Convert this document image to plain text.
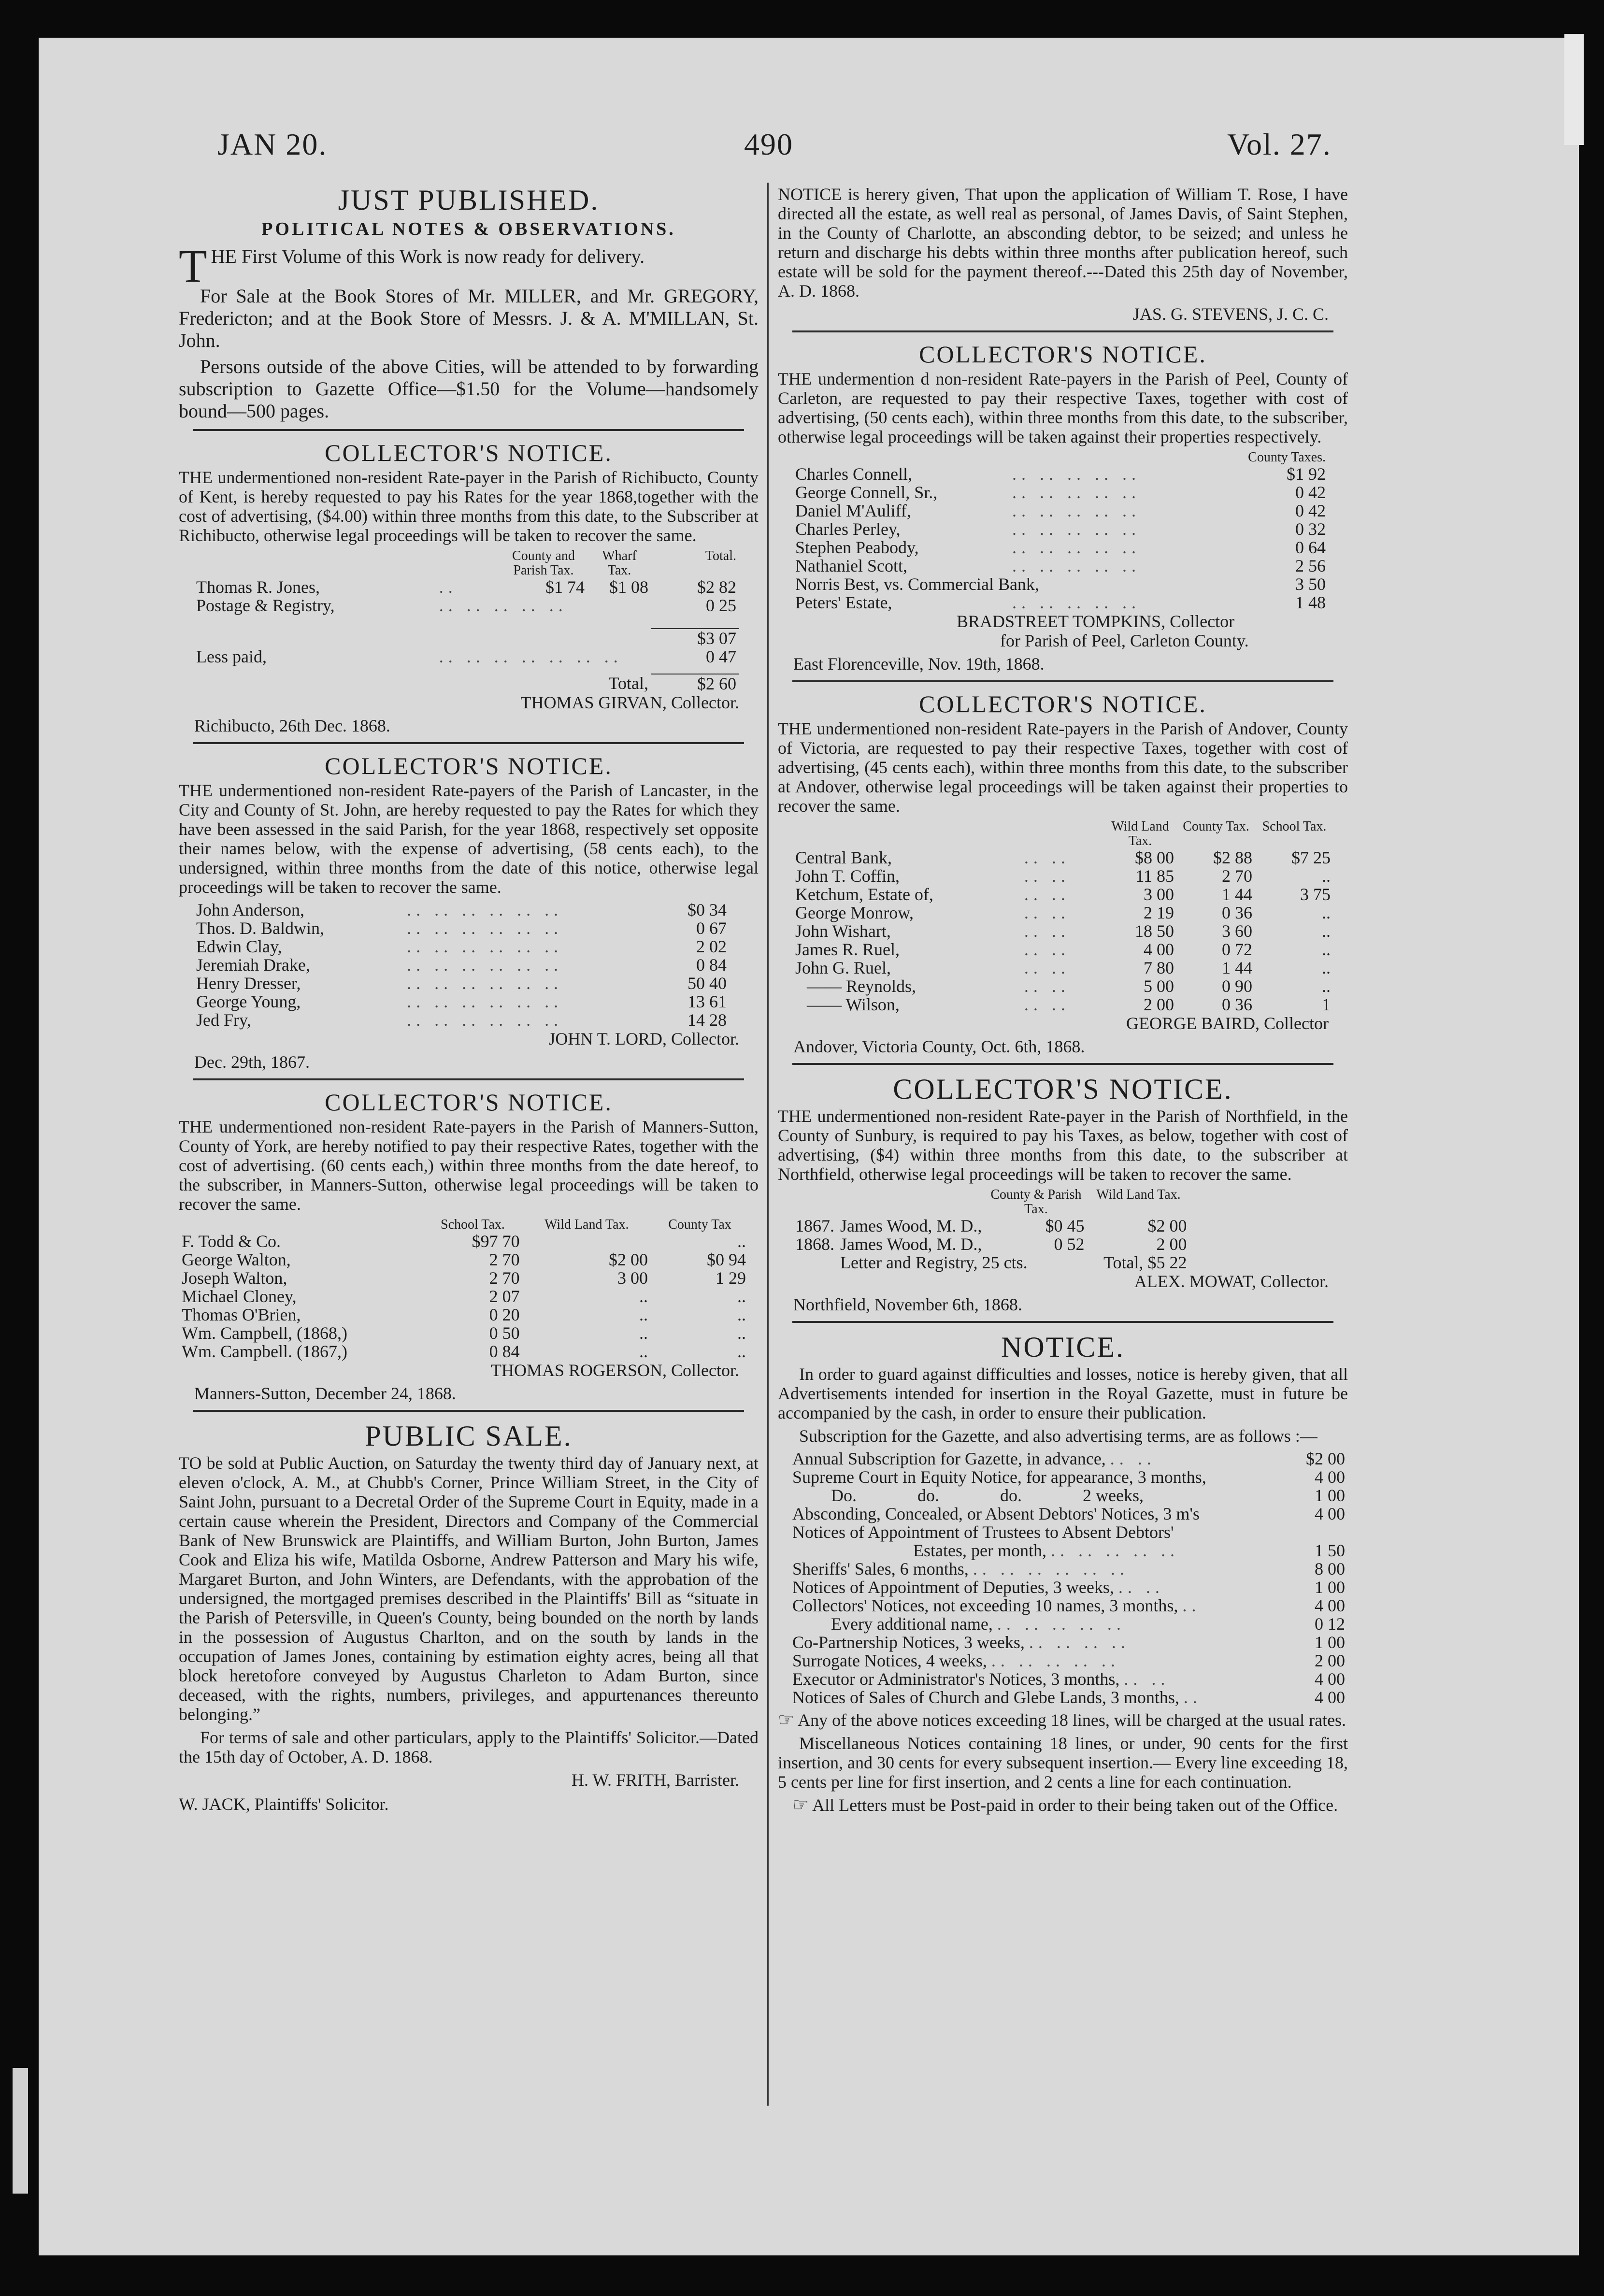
JAN 20.	490	Vol. 27.
JUST PUBLISHED.
POLITICAL NOTES & OBSERVATIONS.

T HE First Volume of this Work is now ready for delivery.

For Sale at the Book Stores of Mr. MILLER, and Mr. GREGORY, Fredericton; and at the Book Store of Messrs. J. & A. M'MILLAN, St. John.

Persons outside of the above Cities, will be attended to by forwarding subscription to Gazette Office—$1.50 for the Volume—handsomely bound—500 pages.

COLLECTOR'S NOTICE.

THE undermentioned non-resident Rate-payer in the Parish of Richibucto, County of Kent, is hereby requested to pay his Rates for the year 1868,together with the cost of advertising, ($4.00) within three months from this date, to the Subscriber at Richibucto, otherwise legal proceedings will be taken to recover the same.

		County and Parish Tax.	Wharf Tax.	Total.
Thomas R. Jones,	..	$1 74	$1 08	$2 82
Postage & Registry,	.. .. .. .. ..			0 25

				$3 07
Less paid,	.. .. .. .. .. .. ..			0 47

			Total,	$2 60
THOMAS GIRVAN, Collector.
Richibucto, 26th Dec. 1868.
COLLECTOR'S NOTICE.

THE undermentioned non-resident Rate-payers of the Parish of Lancaster, in the City and County of St. John, are hereby requested to pay the Rates for which they have been assessed in the said Parish, for the year 1868, respectively set opposite their names below, with the expense of advertising, (58 cents each), to the undersigned, within three months from the date of this notice, otherwise legal proceedings will be taken to recover the same.

John Anderson,	.. .. .. .. .. ..	$0 34
Thos. D. Baldwin,	.. .. .. .. .. ..	0 67
Edwin Clay,	.. .. .. .. .. ..	2 02
Jeremiah Drake,	.. .. .. .. .. ..	0 84
Henry Dresser,	.. .. .. .. .. ..	50 40
George Young,	.. .. .. .. .. ..	13 61
Jed Fry,	.. .. .. .. .. ..	14 28
JOHN T. LORD, Collector.
Dec. 29th, 1867.
COLLECTOR'S NOTICE.

THE undermentioned non-resident Rate-payers in the Parish of Manners-Sutton, County of York, are hereby notified to pay their respective Rates, together with the cost of advertising. (60 cents each,) within three months from the date hereof, to the subscriber, in Manners-Sutton, otherwise legal proceedings will be taken to recover the same.

	School Tax.	Wild Land Tax.	County Tax
F. Todd & Co.	$97 70		..
George Walton,	2 70	$2 00	$0 94
Joseph Walton,	2 70	3 00	1 29
Michael Cloney,	2 07	..	..
Thomas O'Brien,	0 20	..	..
Wm. Campbell, (1868,)	0 50	..	..
Wm. Campbell. (1867,)	0 84	..	..
THOMAS ROGERSON, Collector.
Manners-Sutton, December 24, 1868.
PUBLIC SALE.

TO be sold at Public Auction, on Saturday the twenty third day of January next, at eleven o'clock, A. M., at Chubb's Corner, Prince William Street, in the City of Saint John, pursuant to a Decretal Order of the Supreme Court in Equity, made in a certain cause wherein the President, Directors and Company of the Commercial Bank of New Brunswick are Plaintiffs, and William Burton, John Burton, James Cook and Eliza his wife, Matilda Osborne, Andrew Patterson and Mary his wife, Margaret Burton, and John Winters, are Defendants, with the approbation of the undersigned, the mortgaged premises described in the Plaintiffs' Bill as “situate in the Parish of Petersville, in Queen's County, being bounded on the north by lands in the possession of Augustus Charlton, and on the south by lands in the occupation of James Jones, containing by estimation eighty acres, being all that block heretofore conveyed by Augustus Charleton to Adam Burton, since deceased, with the rights, numbers, privileges, and appurtenances thereunto belonging.”

For terms of sale and other particulars, apply to the Plaintiffs' Solicitor.—Dated the 15th day of October, A. D. 1868.

H. W. FRITH, Barrister.
W. JACK, Plaintiffs' Solicitor.

NOTICE is herery given, That upon the application of William T. Rose, I have directed all the estate, as well real as personal, of James Davis, of Saint Stephen, in the County of Charlotte, an absconding debtor, to be seized; and unless he return and discharge his debts within three months after publication hereof, such estate will be sold for the payment thereof.---Dated this 25th day of November, A. D. 1868.

JAS. G. STEVENS, J. C. C.
COLLECTOR'S NOTICE.

THE undermention d non-resident Rate-payers in the Parish of Peel, County of Carleton, are requested to pay their respective Taxes, together with cost of advertising, (50 cents each), within three months from this date, to the subscriber, otherwise legal proceedings will be taken against their properties respectively.

		County Taxes.
Charles Connell,	.. .. .. .. ..	$1 92
George Connell, Sr.,	.. .. .. .. ..	0 42
Daniel M'Auliff,	.. .. .. .. ..	0 42
Charles Perley,	.. .. .. .. ..	0 32
Stephen Peabody,	.. .. .. .. ..	0 64
Nathaniel Scott,	.. .. .. .. ..	2 56
Norris Best, vs. Commercial Bank,		3 50
Peters' Estate,	.. .. .. .. ..	1 48
BRADSTREET TOMPKINS, Collector
for Parish of Peel, Carleton County.
East Florenceville, Nov. 19th, 1868.
COLLECTOR'S NOTICE.

THE undermentioned non-resident Rate-payers in the Parish of Andover, County of Victoria, are requested to pay their respective Taxes, together with cost of advertising, (45 cents each), within three months from this date, to the subscriber at Andover, otherwise legal proceedings will be taken against their properties to recover the same.

		Wild Land Tax.	County Tax.	School Tax.
Central Bank,	.. ..	$8 00	$2 88	$7 25
John T. Coffin,	.. ..	11 85	2 70	..
Ketchum, Estate of,	.. ..	3 00	1 44	3 75
George Monrow,	.. ..	2 19	0 36	..
John Wishart,	.. ..	18 50	3 60	..
James R. Ruel,	.. ..	4 00	0 72	..
John G. Ruel,	.. ..	7 80	1 44	..
—— Reynolds,	.. ..	5 00	0 90	..
—— Wilson,	.. ..	2 00	0 36	1
GEORGE BAIRD, Collector
Andover, Victoria County, Oct. 6th, 1868.
COLLECTOR'S NOTICE.

THE undermentioned non-resident Rate-payer in the Parish of Northfield, in the County of Sunbury, is required to pay his Taxes, as below, together with cost of advertising, ($4) within three months from this date, to the subscriber at Northfield, otherwise legal proceedings will be taken to recover the same.

		County & Parish Tax.	Wild Land Tax.
1867.	James Wood, M. D.,	$0 45	$2 00
1868.	James Wood, M. D.,	0 52	2 00
	Letter and Registry, 25 cts.		Total, $5 22
ALEX. MOWAT, Collector.
Northfield, November 6th, 1868.
NOTICE.

In order to guard against difficulties and losses, notice is hereby given, that all Advertisements intended for insertion in the Royal Gazette, must in future be accompanied by the cash, in order to ensure their publication.

Subscription for the Gazette, and also advertising terms, are as follows :—

Annual Subscription for Gazette, in advance, .. ..	$2 00
Supreme Court in Equity Notice, for appearance, 3 months,	4 00
Do.              do.              do.              2 weeks,	1 00
Absconding, Concealed, or Absent Debtors' Notices, 3 m's	4 00
Notices of Appointment of Trustees to Absent Debtors'	
Estates, per month, .. .. .. .. ..	1 50
Sheriffs' Sales, 6 months, .. .. .. .. .. ..	8 00
Notices of Appointment of Deputies, 3 weeks, .. ..	1 00
Collectors' Notices, not exceeding 10 names, 3 months, ..	4 00
Every additional name, .. .. .. .. ..	0 12
Co-Partnership Notices, 3 weeks, .. .. .. ..	1 00
Surrogate Notices, 4 weeks, .. .. .. .. ..	2 00
Executor or Administrator's Notices, 3 months, .. ..	4 00
Notices of Sales of Church and Glebe Lands, 3 months, ..	4 00

☞ Any of the above notices exceeding 18 lines, will be charged at the usual rates.

Miscellaneous Notices containing 18 lines, or under, 90 cents for the first insertion, and 30 cents for every subsequent insertion.— Every line exceeding 18, 5 cents per line for first insertion, and 2 cents a line for each continuation.

☞ All Letters must be Post-paid in order to their being taken out of the Office.
